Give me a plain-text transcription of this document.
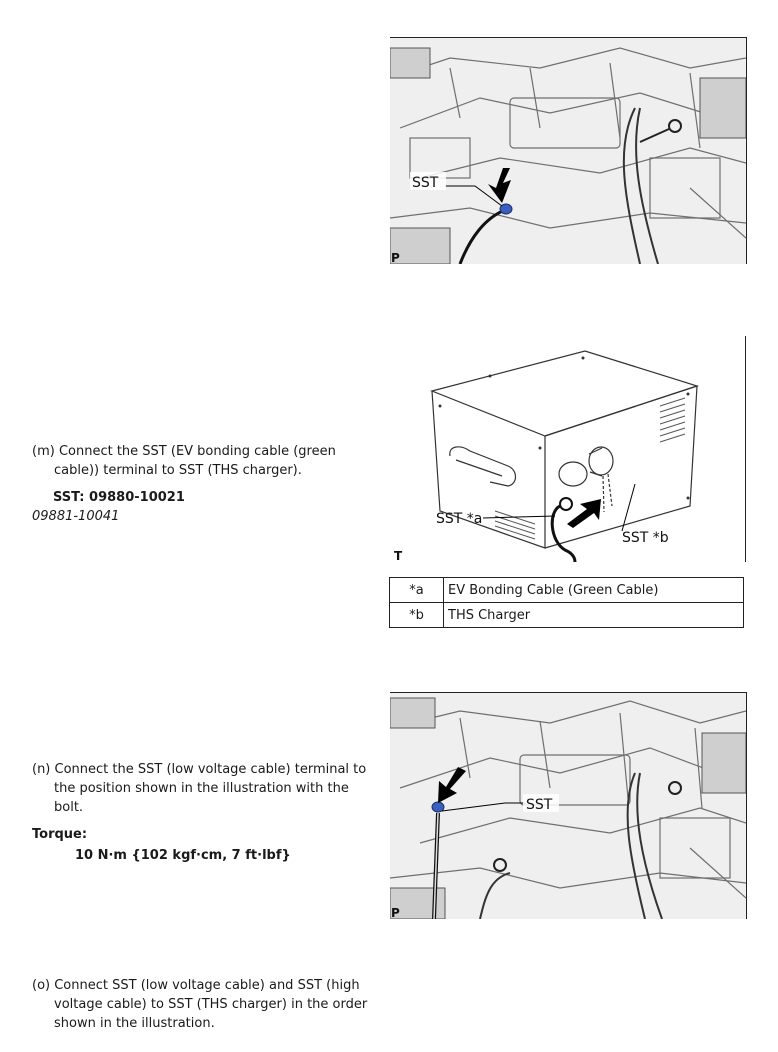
SST
P
SST *a
SST *b
T
*a	EV Bonding Cable (Green Cable)
*b	THS Charger
SST
P
(m) Connect the SST (EV bonding cable (green cable)) terminal to SST (THS charger).
SST: 09880-10021
09881-10041
(n) Connect the SST (low voltage cable) terminal to the position shown in the illustration with the bolt.
Torque:
10 N·m {102 kgf·cm, 7 ft·lbf}
(o) Connect SST (low voltage cable) and SST (high voltage cable) to SST (THS charger) in the order shown in the illustration.
